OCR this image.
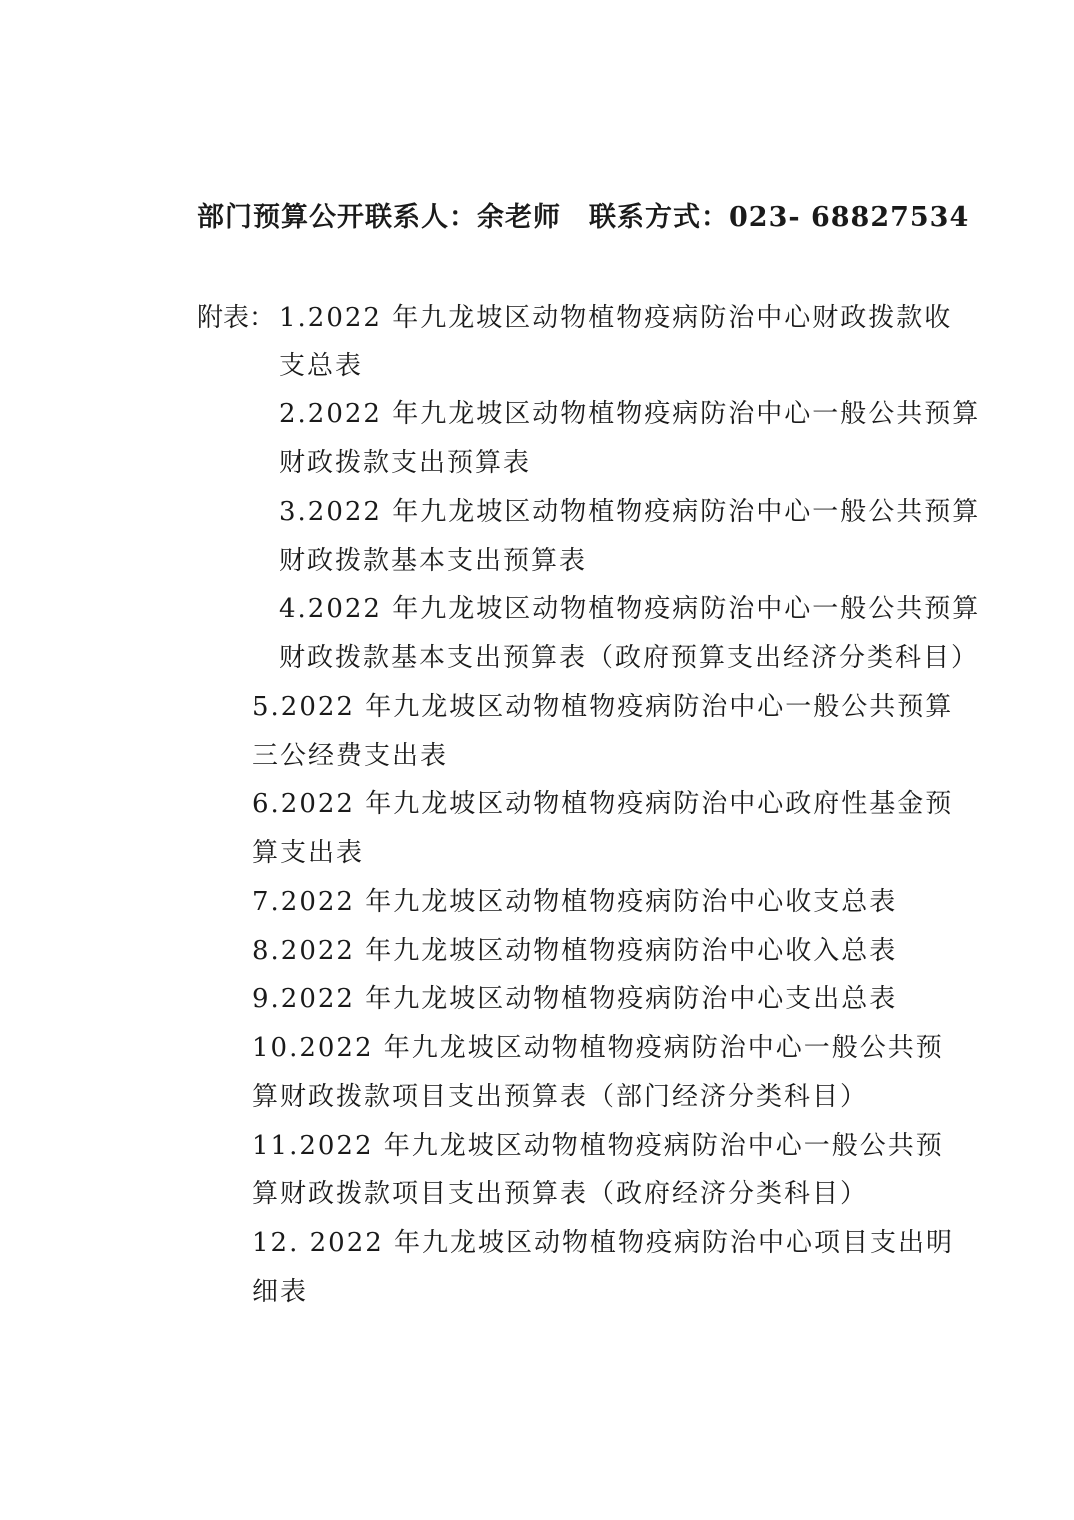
部门预算公开联系人：余老师 联系方式：023- 68827534
附表： 1.2022 年九龙坡区动物植物疫病防治中心财政拨款收
支总表
2.2022 年九龙坡区动物植物疫病防治中心一般公共预算
财政拨款支出预算表
3.2022 年九龙坡区动物植物疫病防治中心一般公共预算
财政拨款基本支出预算表
4.2022 年九龙坡区动物植物疫病防治中心一般公共预算
财政拨款基本支出预算表（政府预算支出经济分类科目）
5.2022 年九龙坡区动物植物疫病防治中心一般公共预算
三公经费支出表
6.2022 年九龙坡区动物植物疫病防治中心政府性基金预
算支出表
7.2022 年九龙坡区动物植物疫病防治中心收支总表
8.2022 年九龙坡区动物植物疫病防治中心收入总表
9.2022 年九龙坡区动物植物疫病防治中心支出总表
10.2022 年九龙坡区动物植物疫病防治中心一般公共预
算财政拨款项目支出预算表（部门经济分类科目）
11.2022 年九龙坡区动物植物疫病防治中心一般公共预
算财政拨款项目支出预算表（政府经济分类科目）
12. 2022 年九龙坡区动物植物疫病防治中心项目支出明
细表
